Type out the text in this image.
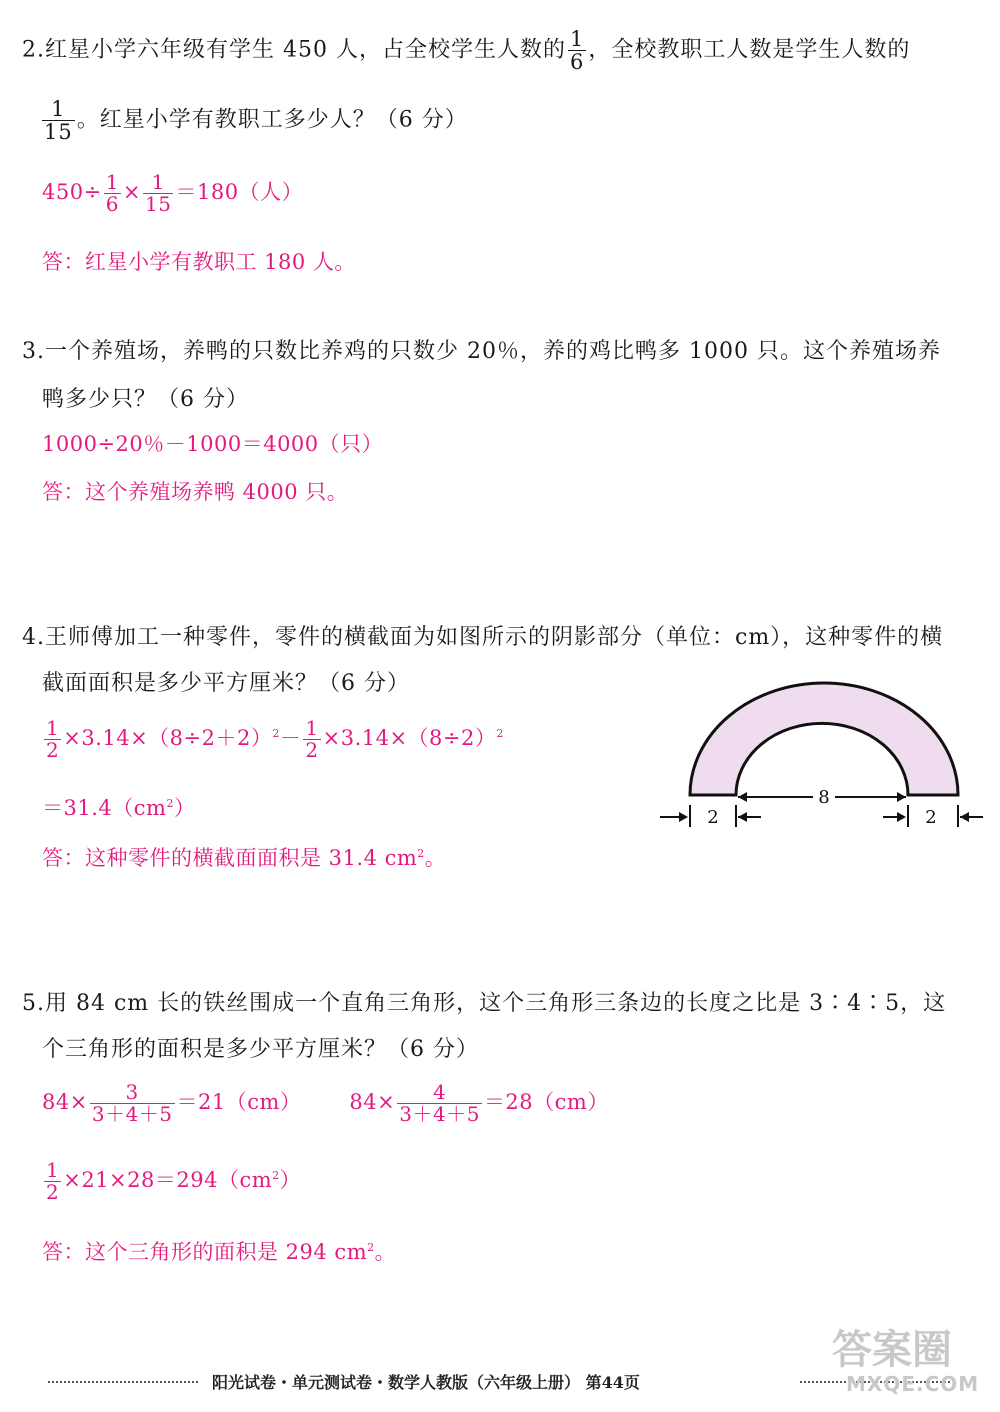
2.红星小学六年级有学生 450 人，占全校学生人数的 $\frac{1}{6}$ ，全校教职工人数是学生人数的
$\frac{1}{15}$ 。红星小学有教职工多少人？（6 分）
$450\div \frac{1}{6} \times \frac{1}{15} =180$（人）
答：红星小学有教职工 180 人。
3.一个养殖场，养鸭的只数比养鸡的只数少 20％，养的鸡比鸭多 1000 只。这个养殖场养
鸭多少只？（6 分）
1000÷20％－1000＝4000（只）
答：这个养殖场养鸭 4000 只。
4.王师傅加工一种零件，零件的横截面为如图所示的阴影部分（单位：cm），这种零件的横
截面面积是多少平方厘米？（6 分）
$\frac{1}{2} \times 3.14\times(8\div 2+2)^2- \frac{1}{2} \times 3.14\times(8\div 2)^2$
$=31.4(cm^2)$
答：这种零件的横截面面积是 31.4 $cm^2$。
2
8
2
5.用 84 cm 长的铁丝围成一个直角三角形，这个三角形三条边的长度之比是 3∶4∶5，这
个三角形的面积是多少平方厘米？（6 分）
$84\times \frac{3}{3+4+5} =21(cm)$ $84\times \frac{4}{3+4+5} =28(cm)$
$\frac{1}{2} \times 21\times 28=294(cm^2)$
答：这个三角形的面积是 294 $cm^2$。
阳光试卷・单元测试卷・数学人教版（六年级上册） 第44页
答案圈
MXQE.COM
